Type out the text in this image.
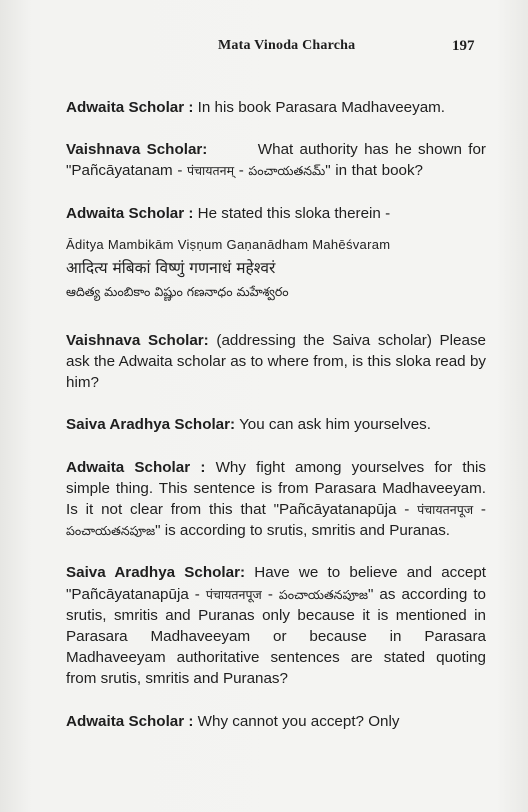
Mata Vinoda Charcha	197

Adwaita Scholar : In his book Parasara Madhaveeyam.

Vaishnava Scholar:	What authority has he shown for "Pañcāyatanam - पंचायतनम् - పంచాయతనమ్" in that book?

Adwaita Scholar : He stated this sloka therein -

Āditya Mambikām Viṣṇum Gaṇanādham Mahēśvaram
आदित्य मंबिकां विष्णुं गणनाधं महेश्वरं
ఆదిత్య మంబికాం విష్ణుం గణనాధం మహేశ్వరం

Vaishnava Scholar: (addressing the Saiva scholar) Please ask the Adwaita scholar as to where from, is this sloka read by him?

Saiva Aradhya Scholar: You can ask him yourselves.

Adwaita Scholar : Why fight among yourselves for this simple thing. This sentence is from Parasara Madhaveeyam. Is it not clear from this that "Pañcāyatanapūja - पंचायतनपूज - పంచాయతనపూజ" is according to srutis, smritis and Puranas.

Saiva Aradhya Scholar: Have we to believe and accept "Pañcāyatanapūja - पंचायतनपूज - పంచాయతనపూజ" as according to srutis, smritis and Puranas only because it is mentioned in Parasara Madhaveeyam or because in Parasara Madhaveeyam authoritative sentences are stated quoting from srutis, smritis and Puranas?

Adwaita Scholar : Why cannot you accept? Only
